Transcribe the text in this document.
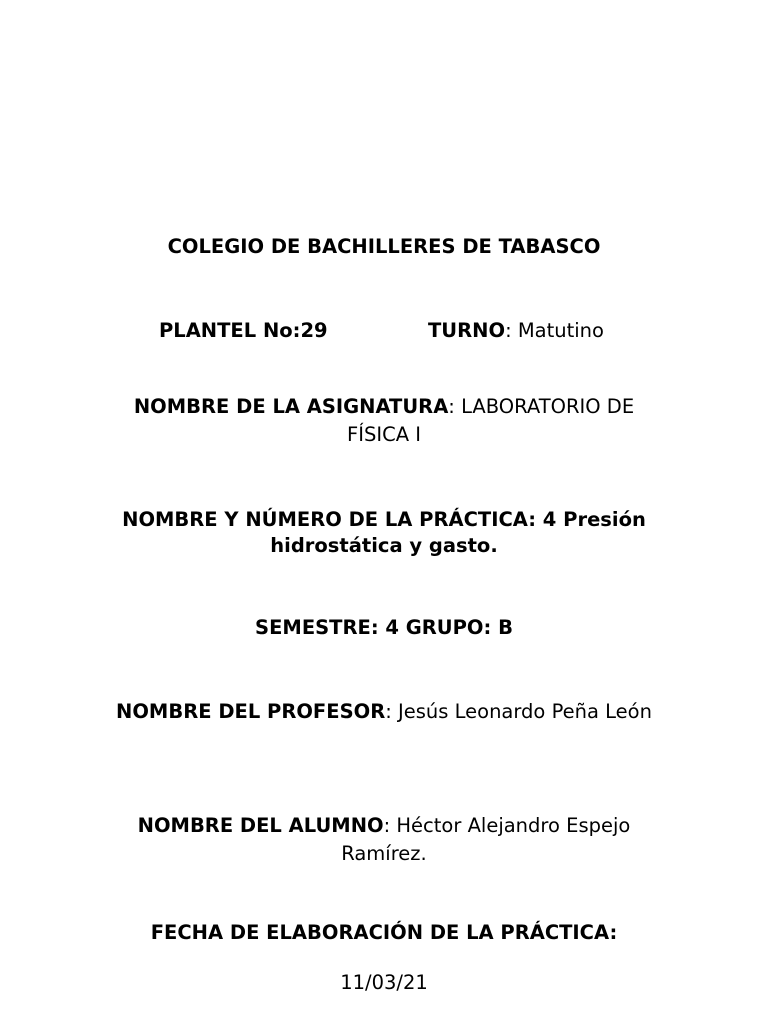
COLEGIO DE BACHILLERES DE TABASCO
PLANTEL No:29	TURNO: Matutino
NOMBRE DE LA ASIGNATURA: LABORATORIO DE FÍSICA I
NOMBRE Y NÚMERO DE LA PRÁCTICA: 4 Presión hidrostática y gasto.
SEMESTRE: 4 GRUPO: B
NOMBRE DEL PROFESOR: Jesús Leonardo Peña León
NOMBRE DEL ALUMNO: Héctor Alejandro Espejo Ramírez.
FECHA DE ELABORACIÓN DE LA PRÁCTICA:
11/03/21
